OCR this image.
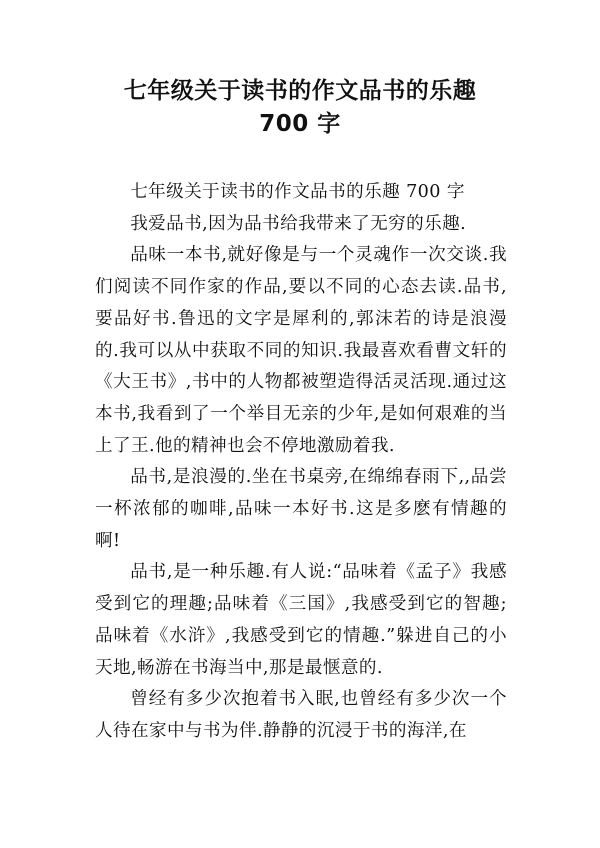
七年级关于读书的作文品书的乐趣
700 字

七年级关于读书的作文品书的乐趣 700 字

我爱品书,因为品书给我带来了无穷的乐趣.

品味一本书,就好像是与一个灵魂作一次交谈.我们阅读不同作家的作品,要以不同的心态去读.品书,要品好书.鲁迅的文字是犀利的,郭沫若的诗是浪漫的.我可以从中获取不同的知识.我最喜欢看曹文轩的《大王书》,书中的人物都被塑造得活灵活现.通过这本书,我看到了一个举目无亲的少年,是如何艰难的当上了王.他的精神也会不停地激励着我.

品书,是浪漫的.坐在书桌旁,在绵绵春雨下,,品尝一杯浓郁的咖啡,品味一本好书.这是多麽有情趣的啊!

品书,是一种乐趣.有人说:“品味着《孟子》我感受到它的理趣;品味着《三国》,我感受到它的智趣;品味着《水浒》,我感受到它的情趣.”躲进自己的小天地,畅游在书海当中,那是最惬意的.

曾经有多少次抱着书入眠,也曾经有多少次一个人待在家中与书为伴.静静的沉浸于书的海洋,在
